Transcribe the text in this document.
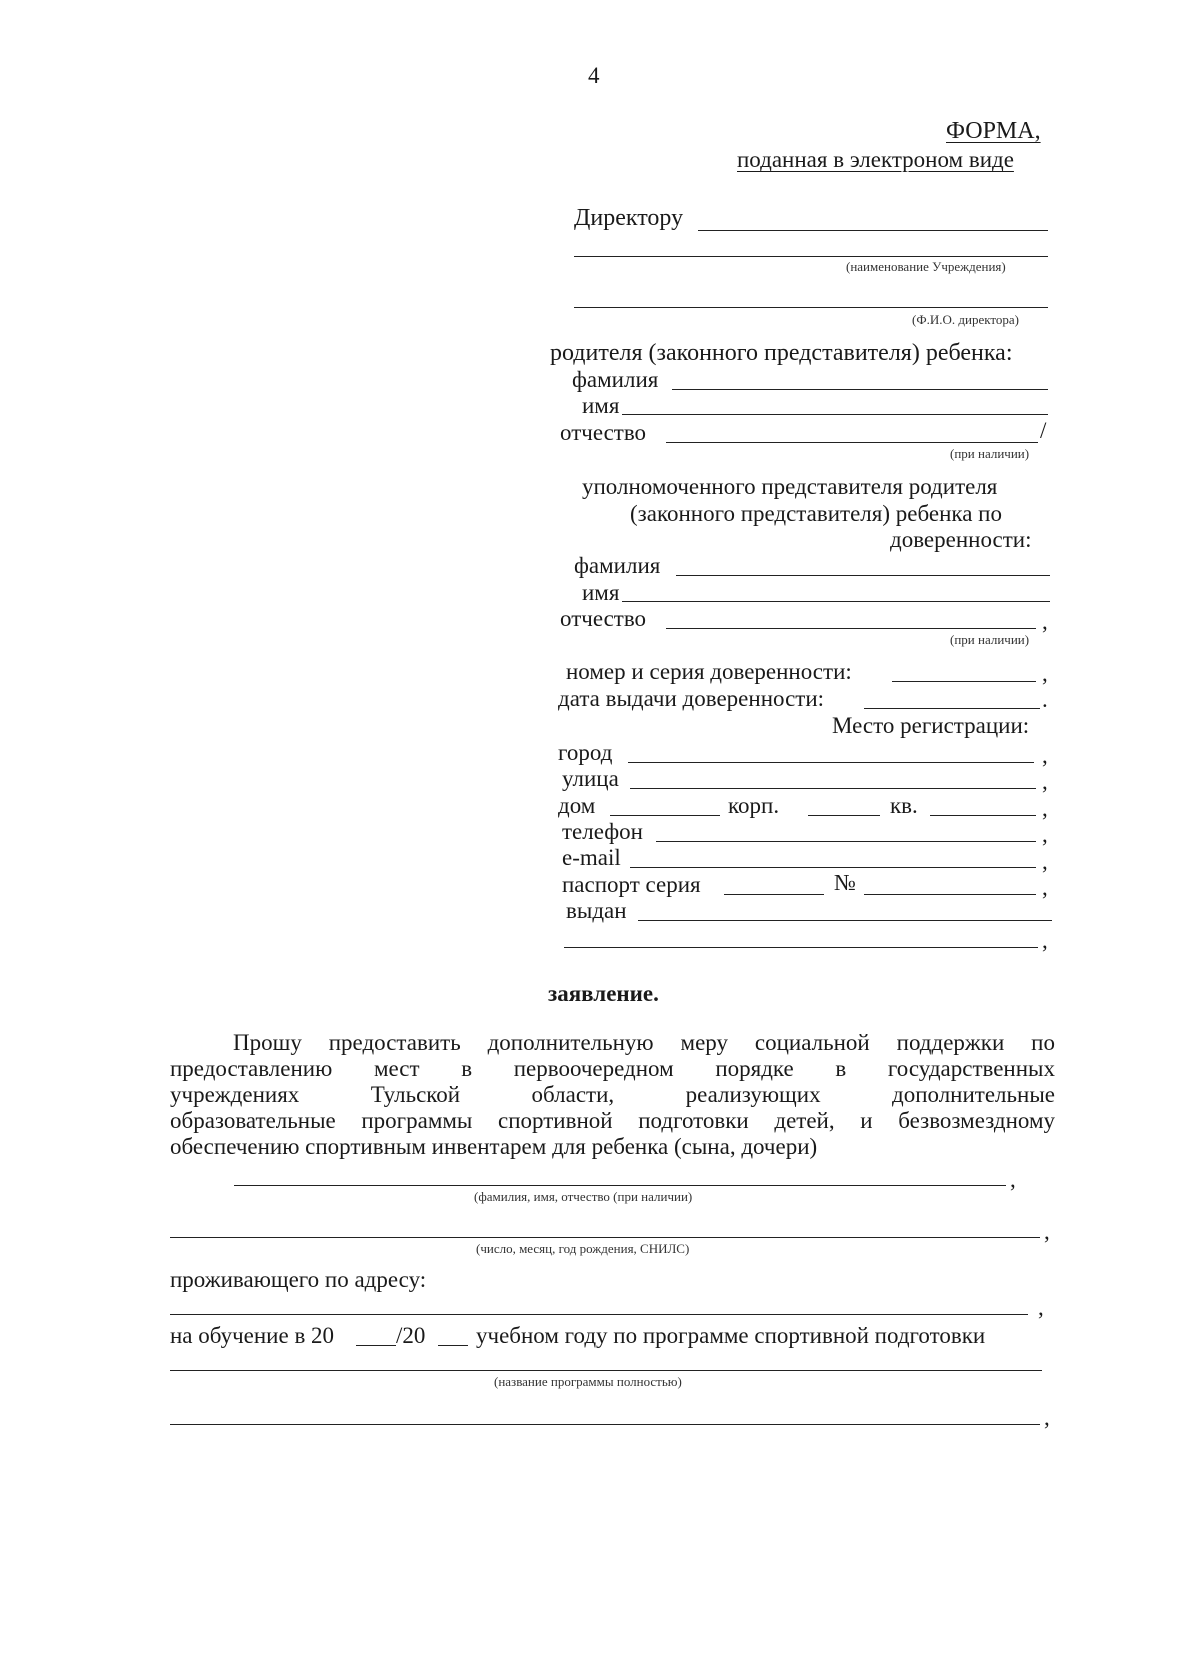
4
ФОРМА,
поданная в электроном виде
Директору
(наименование Учреждения)
(Ф.И.О. директора)
родителя (законного представителя) ребенка:
фамилия
имя
отчество	/
(при наличии)
уполномоченного представителя родителя
(законного представителя) ребенка по
доверенности:
фамилия
имя
отчество	,
(при наличии)
номер и серия доверенности:	,
дата выдачи доверенности:	.
Место регистрации:
город	,
улица	,
дом	корп.	кв.	,
телефон	,
e-mail	,
паспорт серия	№	,
выдан
,
заявление.
Прошу предоставить дополнительную меру социальной поддержки по
предоставлению мест в первоочередном порядке в государственных
учреждениях Тульской области, реализующих дополнительные
образовательные программы спортивной подготовки детей, и безвозмездному
обеспечению спортивным инвентарем для ребенка (сына, дочери)
,
(фамилия, имя, отчество (при наличии)
,
(число, месяц, год рождения, СНИЛС)
проживающего по адресу:
,
на обучение в 20	/20 учебном году по программе спортивной подготовки
(название программы полностью)
,
